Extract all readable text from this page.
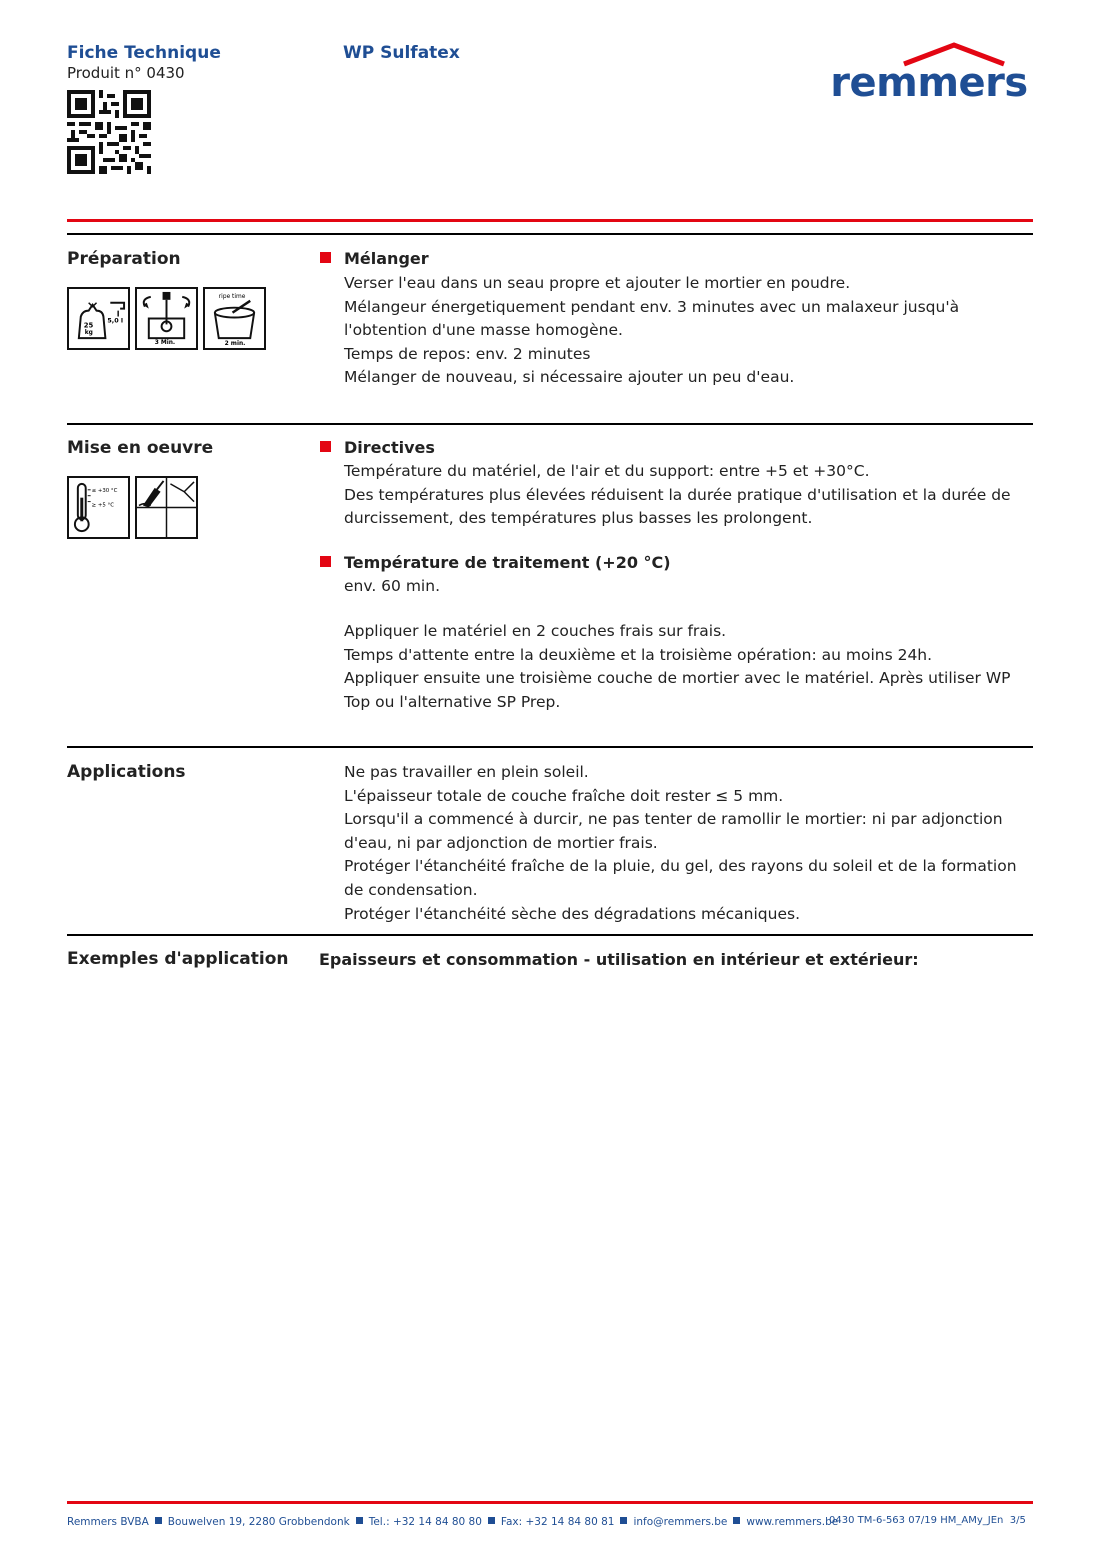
Fiche Technique
Produit n° 0430
WP Sulfatex
remmers
Préparation
25
kg
5,0 l
3 Min.
ripe time
2 min.
Mélanger

Verser l'eau dans un seau propre et ajouter le mortier en poudre.

Mélangeur énergetiquement pendant env. 3 minutes avec un malaxeur jusqu'à l'obtention d'une masse homogène.

Temps de repos: env. 2 minutes

Mélanger de nouveau, si nécessaire ajouter un peu d'eau.

Mise en oeuvre
≤ +30 °C
≥ +5 °C
Directives

Température du matériel, de l'air et du support: entre +5 et +30°C.

Des températures plus élevées réduisent la durée pratique d'utilisation et la durée de durcissement, des températures plus basses les prolongent.

Température de traitement (+20 °C)

env. 60 min.

Appliquer le matériel en 2 couches frais sur frais.

Temps d'attente entre la deuxième et la troisième opération: au moins 24h.

Appliquer ensuite une troisième couche de mortier avec le matériel. Après utiliser WP Top ou l'alternative SP Prep.

Applications	Ne pas travailler en plein soleil.

L'épaisseur totale de couche fraîche doit rester ≤ 5 mm.

Lorsqu'il a commencé à durcir, ne pas tenter de ramollir le mortier: ni par adjonction d'eau, ni par adjonction de mortier frais.

Protéger l'étanchéité fraîche de la pluie, du gel, des rayons du soleil et de la formation de condensation.

Protéger l'étanchéité sèche des dégradations mécaniques.

Exemples d'application Epaisseurs et consommation - utilisation en intérieur et extérieur:
Remmers BVBA Bouwelven 19, 2280 Grobbendonk Tel.: +32 14 84 80 80 Fax: +32 14 84 80 81 info@remmers.be www.remmers.be
0430 TM-6-563 07/19 HM_AMy_JEn 3/5
